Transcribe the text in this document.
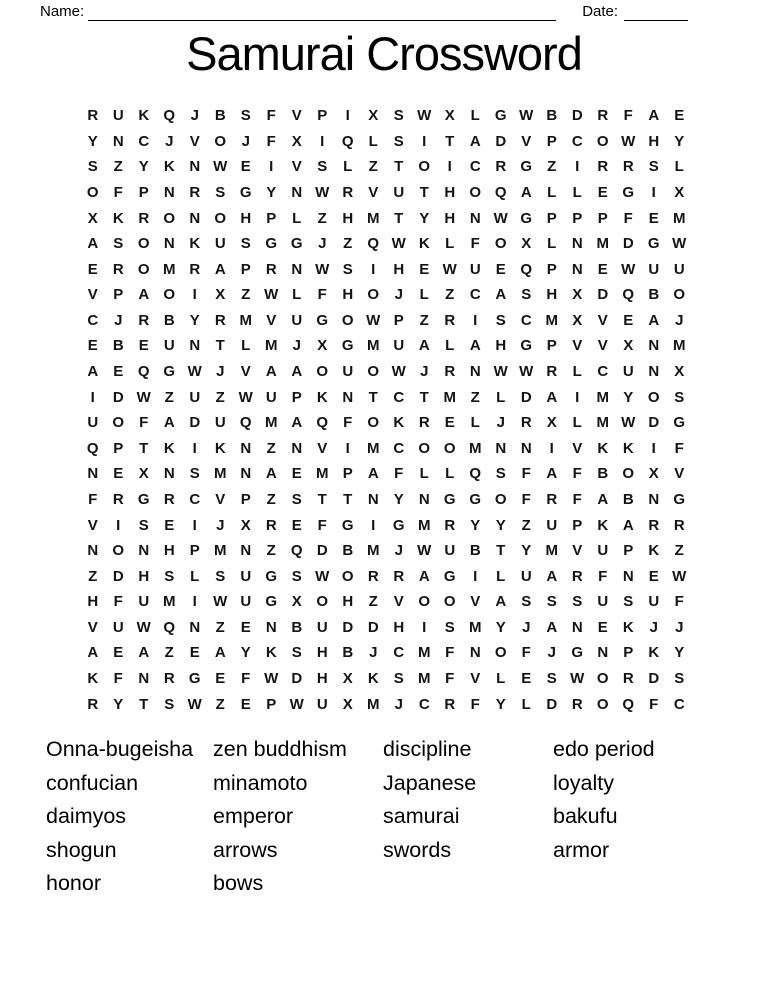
Name:	Date:
Samurai Crossword
R U K Q	J	B	S	F	V	P	I	X	S W X	L	G W B D R	F	A	E
Y	N C	J	V O	J	F	X	I	Q	L	S	I	T	A D	V	P	C O W H	Y
S	Z	Y	K N W E	I	V	S	L	Z	T	O	I	C R G	Z	I	R R	S	L
O	F	P	N R	S G Y	N W R	V	U	T	H O Q A	L	L	E G	I	X
X	K R O N O H	P	L	Z	H M T	Y	H N W G P	P	P	F	E M
A	S O N K U	S G G	J	Z	Q W K	L	F	O X	L	N M D G W
E	R O M R A	P	R N W S	I	H	E W U	E Q P	N	E W U U
V	P	A O	I	X	Z W L	F	H O	J	L	Z	C A	S	H	X	D Q B O
C	J	R B	Y	R M V	U G O W P	Z	R	I	S	C M X	V	E	A	J
E	B	E	U N	T	L M	J	X G M U A	L	A H G P	V	V	X	N M
A	E Q G W J	V	A A O U O W J	R N W W R	L	C U N	X
I	D W Z	U	Z W U	P	K N	T	C	T M Z	L	D A	I	M Y O S
U O	F	A D U Q M A Q	F	O K R	E	L	J	R	X	L M W D G
Q P	T	K	I	K N	Z	N	V	I	M C O O M N N	I	V	K K	I	F
N	E	X	N	S M N A	E M P	A	F	L	L	Q S	F	A	F	B O X	V
F	R G R C	V	P	Z	S	T	T	N	Y	N G G O	F	R	F	A B N G
V	I	S	E	I	J	X	R	E	F	G	I	G M R	Y	Y	Z	U	P	K A R R
N O N H	P M N	Z	Q D B M	J W U B	T	Y M V	U	P	K	Z
Z	D H	S	L	S	U G S W O R R A G	I	L	U A R	F	N	E W
H	F	U M	I	W U G X O H	Z	V O O V	A	S	S	S	U	S	U	F
V	U W Q N	Z	E	N B U D D H	I	S M Y	J	A N	E	K	J	J
A	E	A	Z	E	A	Y	K	S	H B	J	C M F	N O	F	J	G N	P	K	Y
K	F	N R G E	F W D H	X	K	S M F	V	L	E	S W O R D	S
R	Y	T	S W Z	E	P W U	X M	J	C R	F	Y	L	D R O Q	F	C
Onna-bugeisha
confucian
daimyos
shogun
honor
zen buddhism
minamoto
emperor
arrows
bows
discipline
Japanese
samurai
swords
edo period
loyalty
bakufu
armor
